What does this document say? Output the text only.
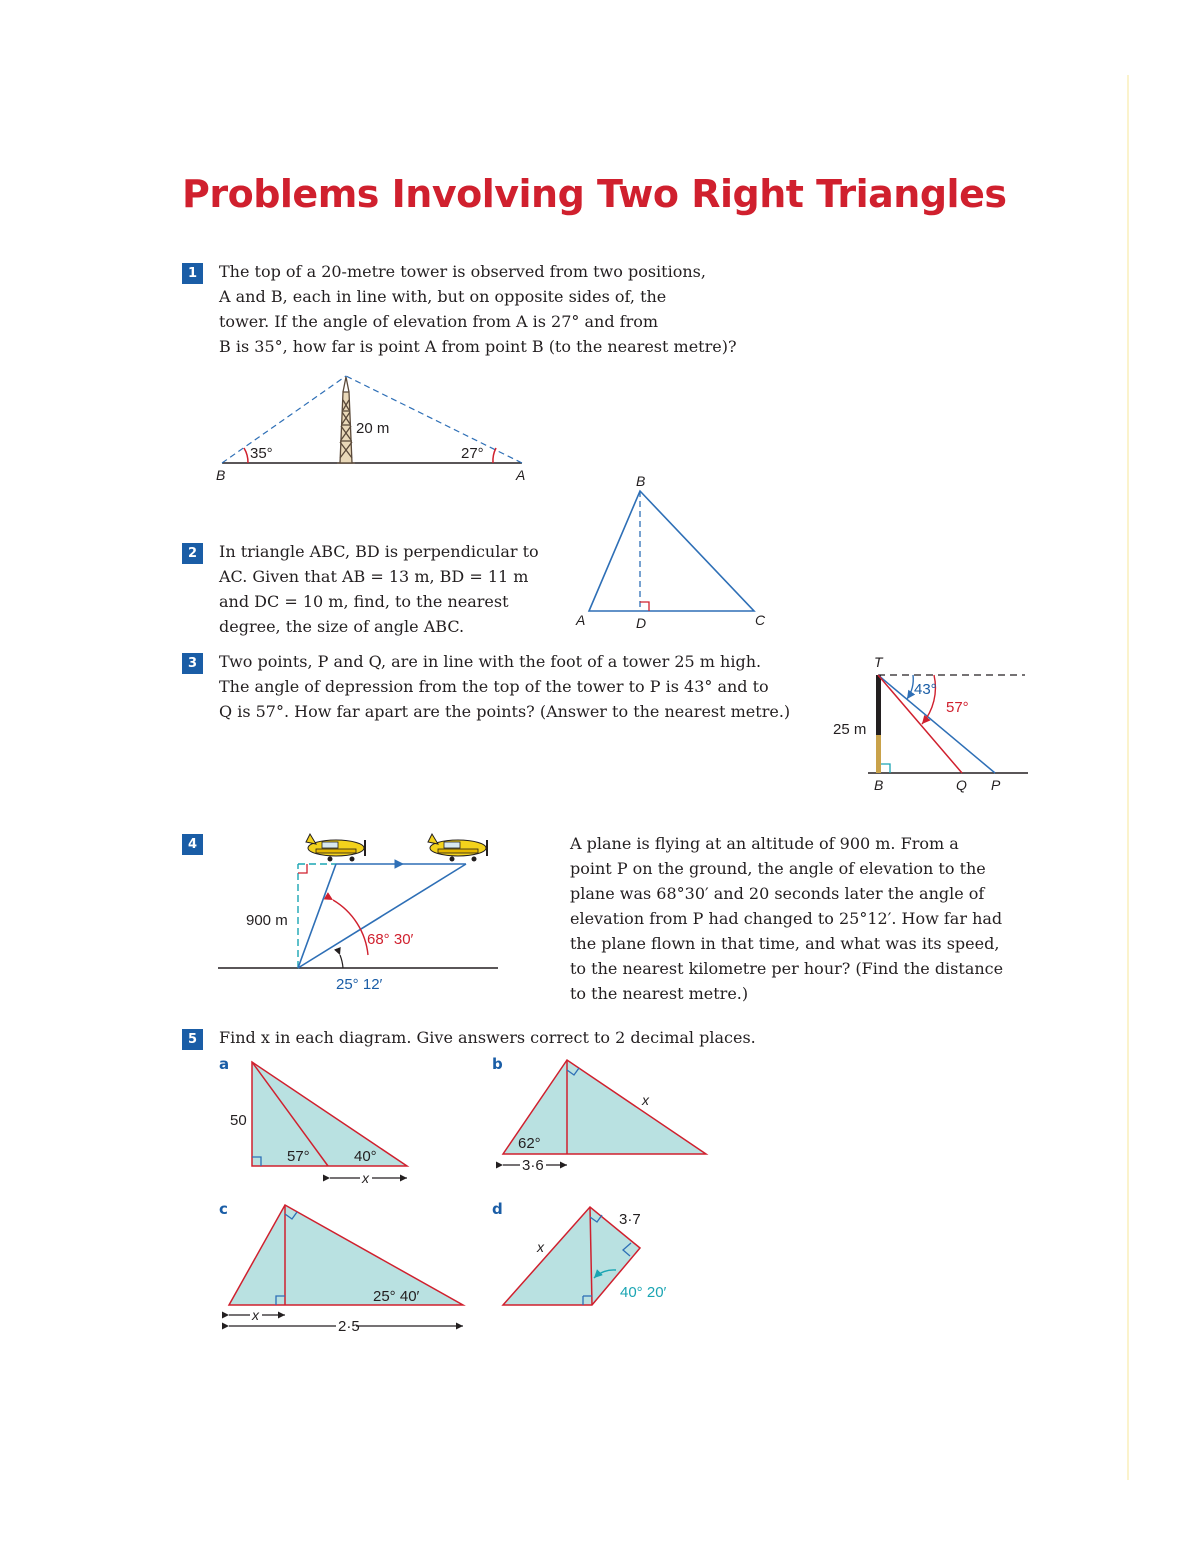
Problems Involving Two Right Triangles
1	The top of a 20-metre tower is observed from two positions,
A and B, each in line with, but on opposite sides of, the
tower. If the angle of elevation from A is 27° and from
B is 35°, how far is point A from point B (to the nearest metre)?
2	In triangle ABC, BD is perpendicular to
AC. Given that AB = 13 m, BD = 11 m
and DC = 10 m, find, to the nearest
degree, the size of angle ABC.
3	Two points, P and Q, are in line with the foot of a tower 25 m high.
The angle of depression from the top of the tower to P is 43° and to
Q is 57°. How far apart are the points? (Answer to the nearest metre.)
4	A plane is flying at an altitude of 900 m. From a
point P on the ground, the angle of elevation to the
plane was 68°30′ and 20 seconds later the angle of
elevation from P had changed to 25°12′. How far had
the plane flown in that time, and what was its speed,
to the nearest kilometre per hour? (Find the distance
to the nearest metre.)
5	Find x in each diagram. Give answers correct to 2 decimal places.
20 m
35°	27°
B	A	B
A	D	C
T
43°
57°
25 m
B	Q P
900 m
68° 30′
25° 12′
a	b
c	d
50
57°	40°
x
62°
3·6
x
25° 40′
x
2·5
3·7
x
40° 20′
